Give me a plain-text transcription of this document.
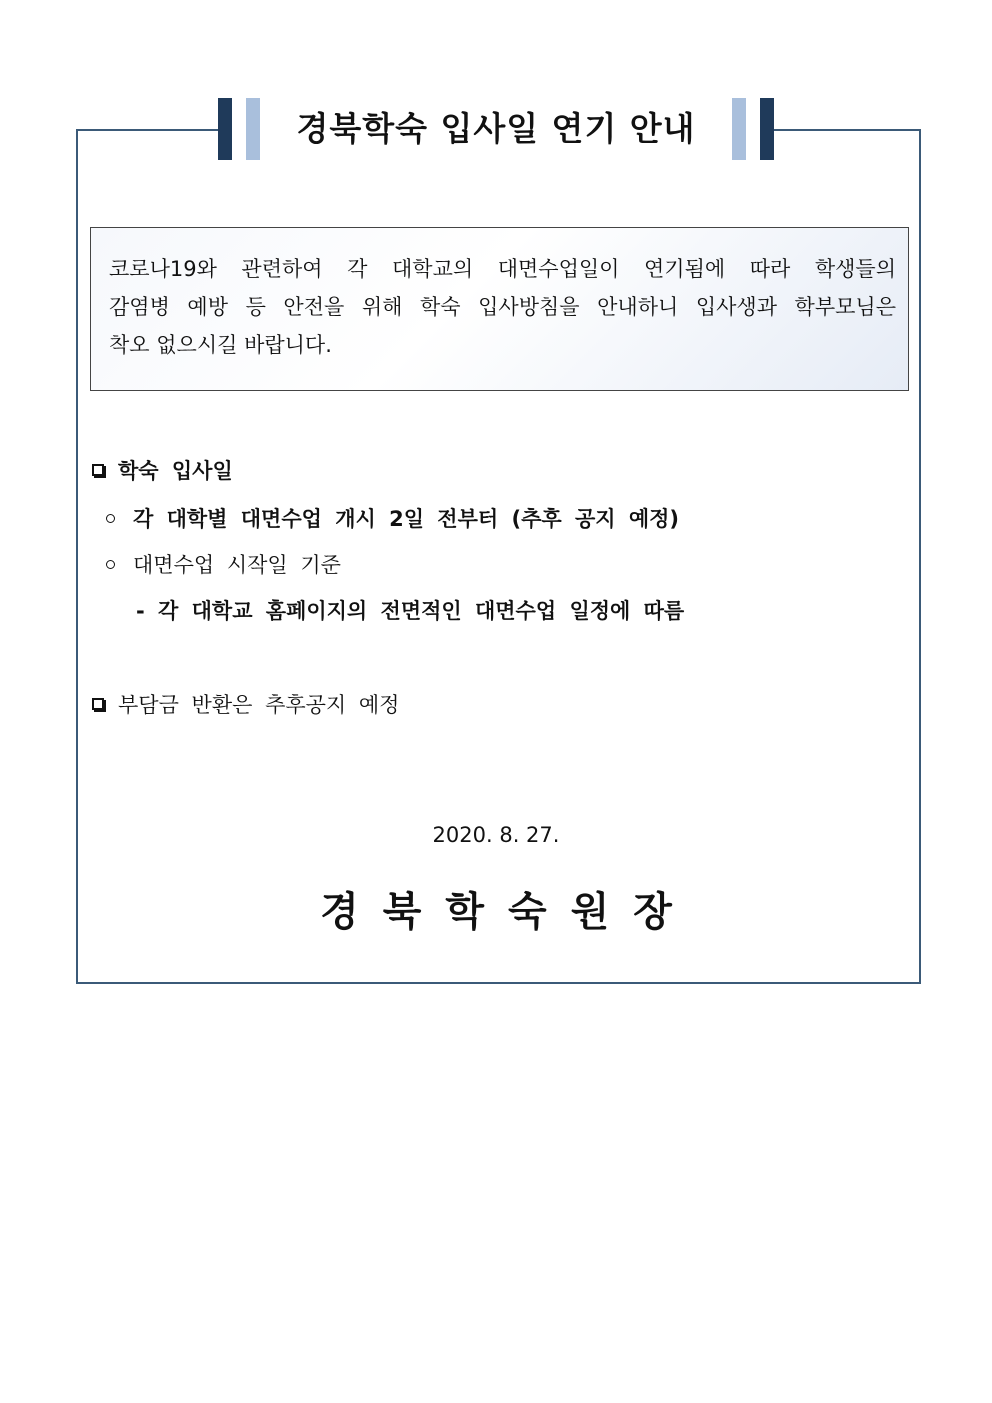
경북학숙 입사일 연기 안내
코로나19와 관련하여 각 대학교의 대면수업일이 연기됨에 따라 학생들의
감염병 예방 등 안전을 위해 학숙 입사방침을 안내하니 입사생과 학부모님은
착오 없으시길 바랍니다.
학숙 입사일
각 대학별 대면수업 개시 2일 전부터 (추후 공지 예정)
대면수업 시작일 기준
- 각 대학교 홈페이지의 전면적인 대면수업 일정에 따름
부담금 반환은 추후공지 예정
2020. 8. 27.
경북학숙원장
